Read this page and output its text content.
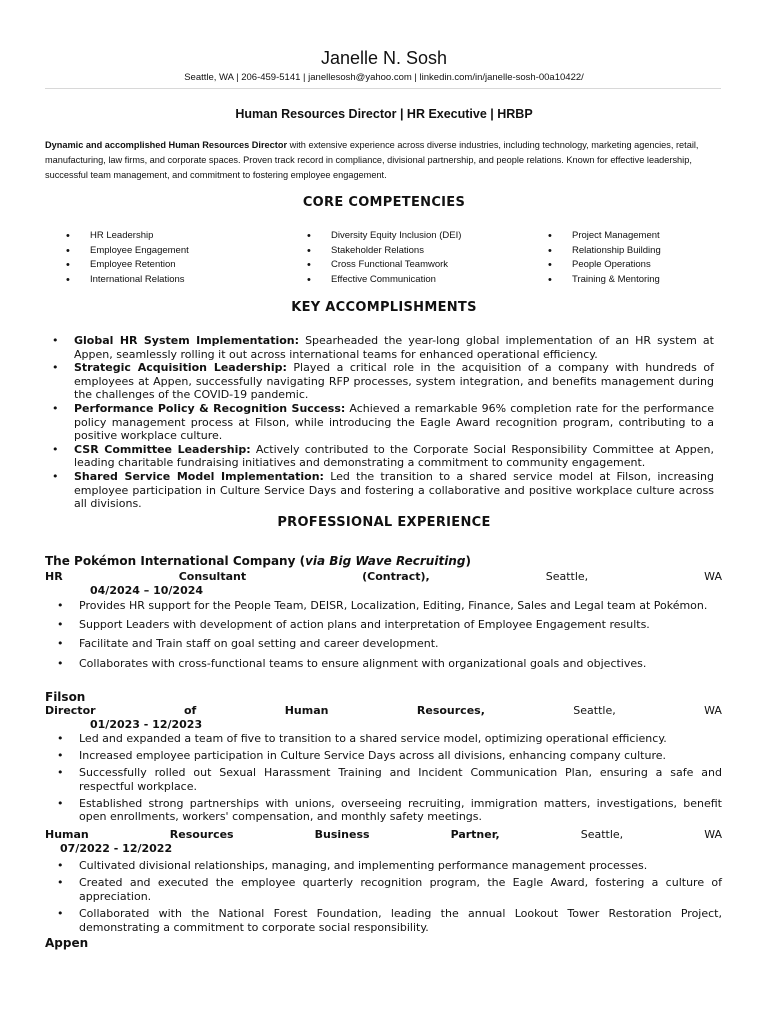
Janelle N. Sosh
Seattle, WA | 206-459-5141 | janellesosh@yahoo.com | linkedin.com/in/janelle-sosh-00a10422/
Human Resources Director | HR Executive | HRBP
Dynamic and accomplished Human Resources Director with extensive experience across diverse industries, including technology, marketing agencies, retail, manufacturing, law firms, and corporate spaces. Proven track record in compliance, divisional partnership, and people relations. Known for effective leadership, successful team management, and commitment to fostering employee engagement.
CORE COMPETENCIES
• HR Leadership
• Employee Engagement
• Employee Retention
• International Relations
• Diversity Equity Inclusion (DEI)
• Stakeholder Relations
• Cross Functional Teamwork
• Effective Communication
• Project Management
• Relationship Building
• People Operations
• Training & Mentoring
KEY ACCOMPLISHMENTS
• Global HR System Implementation: Spearheaded the year-long global implementation of an HR system at Appen, seamlessly rolling it out across international teams for enhanced operational efficiency.
• Strategic Acquisition Leadership: Played a critical role in the acquisition of a company with hundreds of employees at Appen, successfully navigating RFP processes, system integration, and benefits management during the challenges of the COVID-19 pandemic.
• Performance Policy & Recognition Success: Achieved a remarkable 96% completion rate for the performance policy management process at Filson, while introducing the Eagle Award recognition program, contributing to a positive workplace culture.
• CSR Committee Leadership: Actively contributed to the Corporate Social Responsibility Committee at Appen, leading charitable fundraising initiatives and demonstrating a commitment to community engagement.
• Shared Service Model Implementation: Led the transition to a shared service model at Filson, increasing employee participation in Culture Service Days and fostering a collaborative and positive workplace culture across all divisions.
PROFESSIONAL EXPERIENCE
The Pokémon International Company (via Big Wave Recruiting)
HR	Consultant	(Contract),	Seattle,	WA
04/2024 – 10/2024
• Provides HR support for the People Team, DEISR, Localization, Editing, Finance, Sales and Legal team at Pokémon.
• Support Leaders with development of action plans and interpretation of Employee Engagement results.
• Facilitate and Train staff on goal setting and career development.
• Collaborates with cross-functional teams to ensure alignment with organizational goals and objectives.
Filson
Director	of	Human	Resources,	Seattle,	WA
01/2023 - 12/2023
• Led and expanded a team of five to transition to a shared service model, optimizing operational efficiency.
• Increased employee participation in Culture Service Days across all divisions, enhancing company culture.
• Successfully rolled out Sexual Harassment Training and Incident Communication Plan, ensuring a safe and respectful workplace.
• Established strong partnerships with unions, overseeing recruiting, immigration matters, investigations, benefit open enrollments, workers' compensation, and monthly safety meetings.
Human	Resources	Business	Partner,	Seattle,	WA
07/2022 - 12/2022
• Cultivated divisional relationships, managing, and implementing performance management processes.
• Created and executed the employee quarterly recognition program, the Eagle Award, fostering a culture of appreciation.
• Collaborated with the National Forest Foundation, leading the annual Lookout Tower Restoration Project, demonstrating a commitment to corporate social responsibility.
Appen
